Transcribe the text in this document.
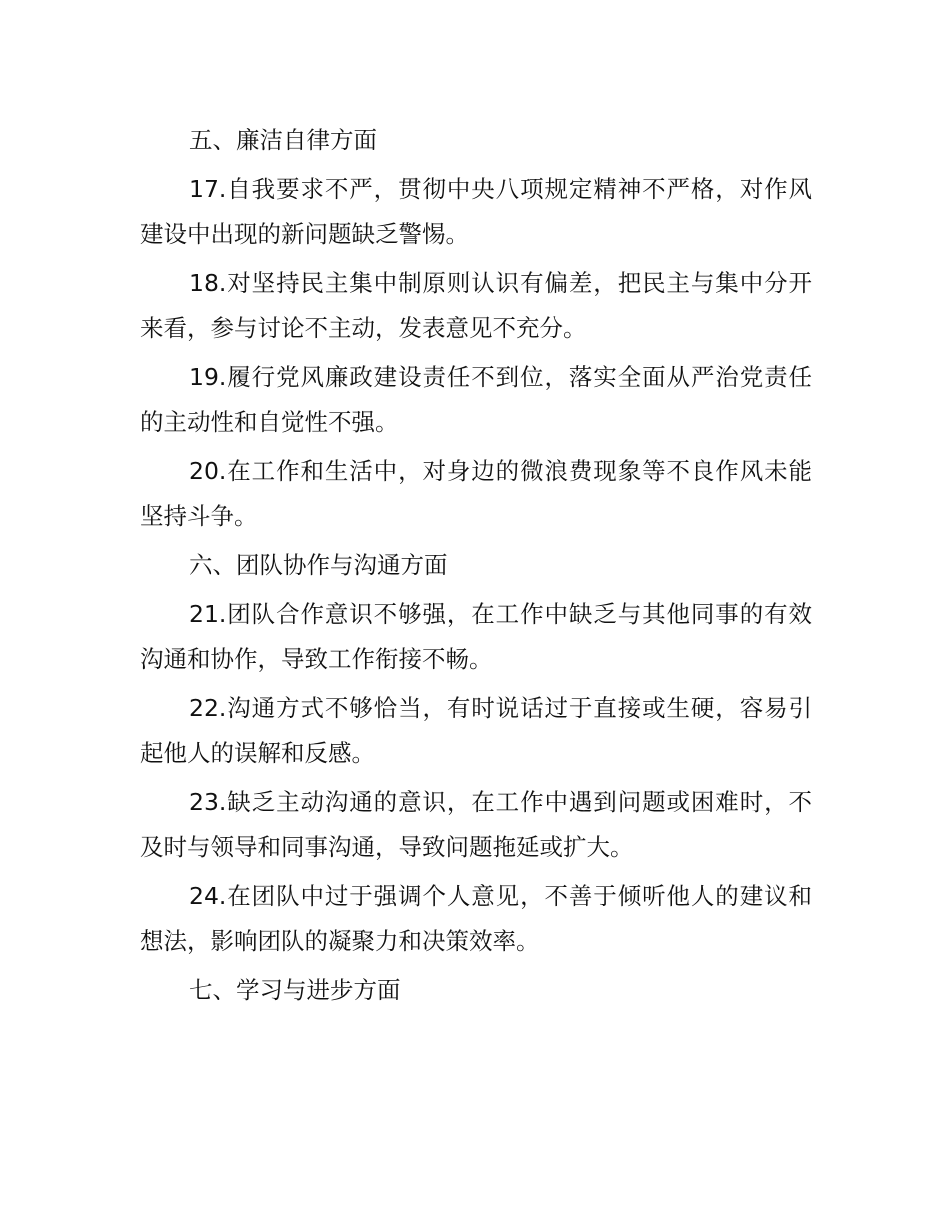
五、廉洁自律方面

17.自我要求不严，贯彻中央八项规定精神不严格，对作风建设中出现的新问题缺乏警惕。

18.对坚持民主集中制原则认识有偏差，把民主与集中分开来看，参与讨论不主动，发表意见不充分。

19.履行党风廉政建设责任不到位，落实全面从严治党责任的主动性和自觉性不强。

20.在工作和生活中，对身边的微浪费现象等不良作风未能坚持斗争。

六、团队协作与沟通方面

21.团队合作意识不够强，在工作中缺乏与其他同事的有效沟通和协作，导致工作衔接不畅。

22.沟通方式不够恰当，有时说话过于直接或生硬，容易引起他人的误解和反感。

23.缺乏主动沟通的意识，在工作中遇到问题或困难时，不及时与领导和同事沟通，导致问题拖延或扩大。

24.在团队中过于强调个人意见，不善于倾听他人的建议和想法，影响团队的凝聚力和决策效率。

七、学习与进步方面
